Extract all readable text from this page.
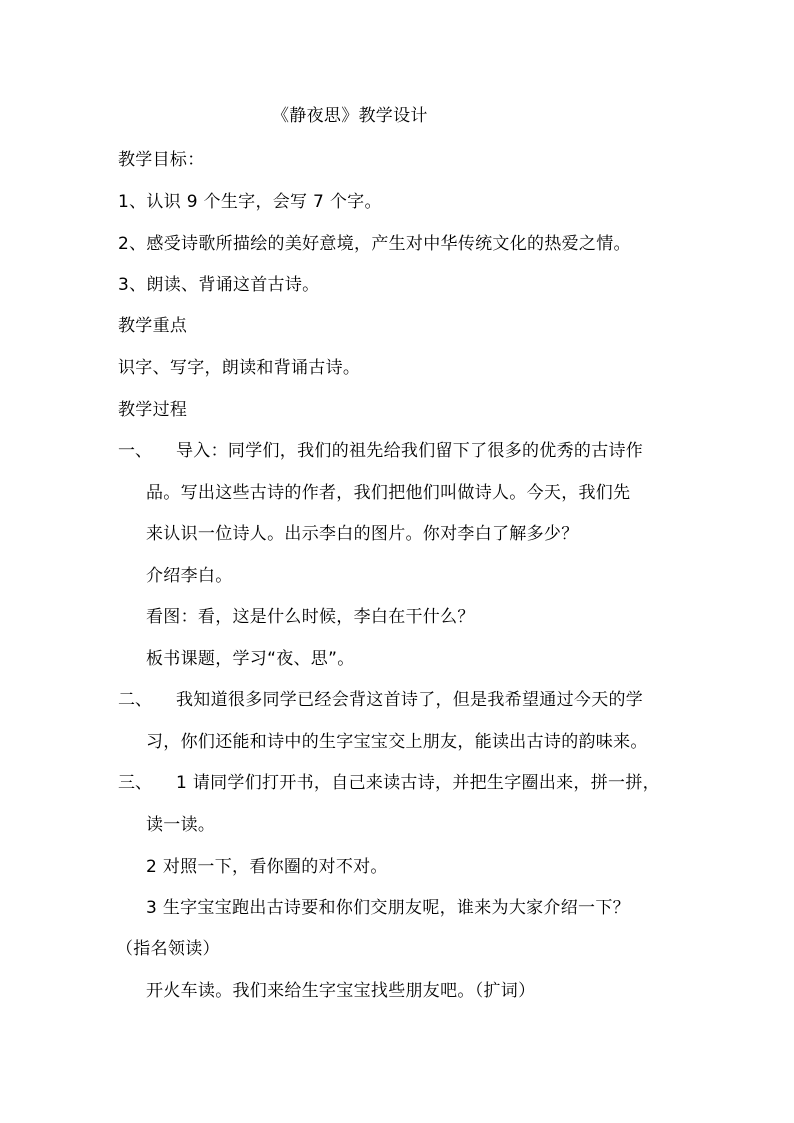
《静夜思》教学设计
教学目标：
1、认识 9 个生字，会写 7 个字。
2、感受诗歌所描绘的美好意境，产生对中华传统文化的热爱之情。
3、朗读、背诵这首古诗。
教学重点
识字、写字，朗读和背诵古诗。
教学过程
一、 导入：同学们，我们的祖先给我们留下了很多的优秀的古诗作
品。写出这些古诗的作者，我们把他们叫做诗人。今天，我们先
来认识一位诗人。出示李白的图片。你对李白了解多少？
介绍李白。
看图：看，这是什么时候，李白在干什么？
板书课题，学习“夜、思”。
二、 我知道很多同学已经会背这首诗了，但是我希望通过今天的学
习，你们还能和诗中的生字宝宝交上朋友，能读出古诗的韵味来。
三、 1 请同学们打开书，自己来读古诗，并把生字圈出来，拼一拼，
读一读。
2 对照一下，看你圈的对不对。
3 生字宝宝跑出古诗要和你们交朋友呢，谁来为大家介绍一下？
（指名领读）
开火车读。我们来给生字宝宝找些朋友吧。（扩词）
